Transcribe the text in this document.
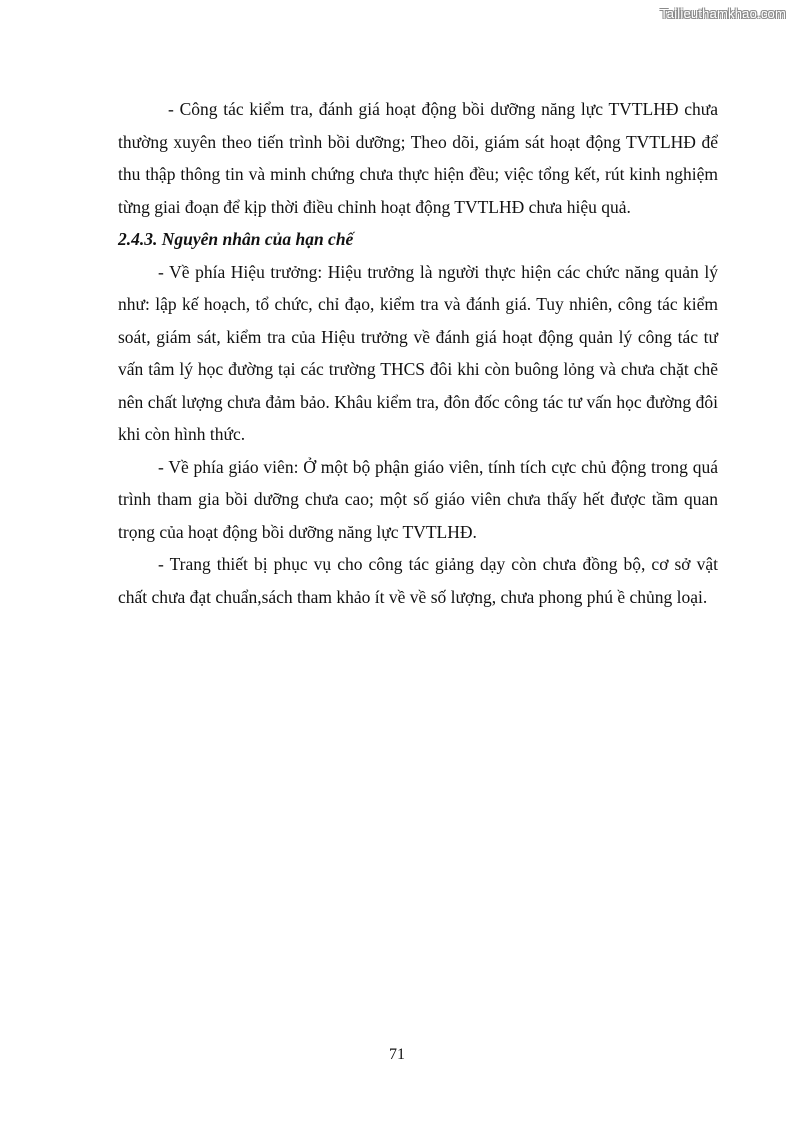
Tailieuthamkhao.com

- Công tác kiểm tra, đánh giá hoạt động bồi dưỡng năng lực TVTLHĐ chưa thường xuyên theo tiến trình bồi dưỡng; Theo dõi, giám sát hoạt động TVTLHĐ để thu thập thông tin và minh chứng chưa thực hiện đều; việc tổng kết, rút kinh nghiệm từng giai đoạn để kịp thời điều chỉnh hoạt động TVTLHĐ chưa hiệu quả.

2.4.3. Nguyên nhân của hạn chế

- Về phía Hiệu trưởng: Hiệu trưởng là người thực hiện các chức năng quản lý như: lập kế hoạch, tổ chức, chỉ đạo, kiểm tra và đánh giá. Tuy nhiên, công tác kiểm soát, giám sát, kiểm tra của Hiệu trưởng về đánh giá hoạt động quản lý công tác tư vấn tâm lý học đường tại các trường THCS đôi khi còn buông lỏng và chưa chặt chẽ nên chất lượng chưa đảm bảo. Khâu kiểm tra, đôn đốc công tác tư vấn học đường đôi khi còn hình thức.

- Về phía giáo viên: Ở một bộ phận giáo viên, tính tích cực chủ động trong quá trình tham gia bồi dưỡng chưa cao; một số giáo viên chưa thấy hết được tầm quan trọng của hoạt động bồi dưỡng năng lực TVTLHĐ.

- Trang thiết bị phục vụ cho công tác giảng dạy còn chưa đồng bộ, cơ sở vật chất chưa đạt chuẩn,sách tham khảo ít về về số lượng, chưa phong phú ề chủng loại.

71
